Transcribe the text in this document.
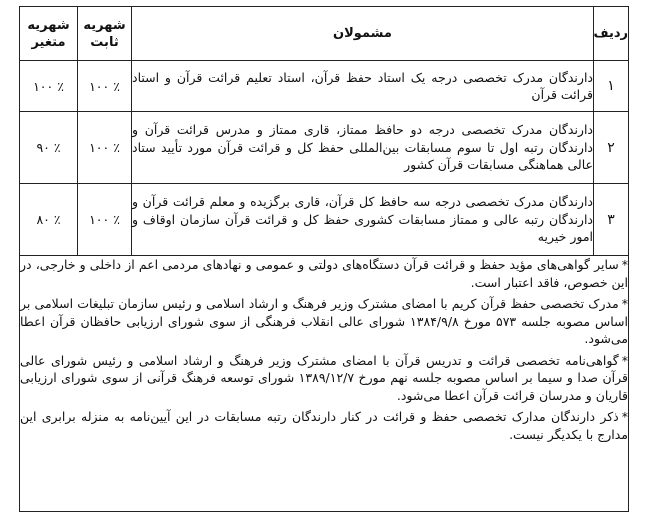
ردیف	مشمولان	شهریه ثابت	شهریه متغیر
۱	دارندگان مدرک تخصصی درجه یک استاد حفظ قرآن، استاد تعلیم قرائت قرآن و استاد قرائت قرآن	٪ ۱۰۰	٪ ۱۰۰
۲	دارندگان مدرک تخصصی درجه دو حافظ ممتاز، قاری ممتاز و مدرس قرائت قرآن و دارندگان رتبه اول تا سوم مسابقات بین‌المللی حفظ کل و قرائت قرآن مورد تأیید ستاد عالی هماهنگی مسابقات قرآن کشور	٪ ۱۰۰	٪ ۹۰
۳	دارندگان مدرک تخصصی درجه سه حافظ کل قرآن، قاری برگزیده و معلم قرائت قرآن و دارندگان رتبه عالی و ممتاز مسابقات کشوری حفظ کل و قرائت قرآن سازمان اوقاف و امور خیریه	٪ ۱۰۰	٪ ۸۰

*سایر گواهی‌های مؤید حفظ و قرائت قرآن دستگاه‌های دولتی و عمومی و نهادهای مردمی اعم از داخلی و خارجی، در این خصوص، فاقد اعتبار است.
*مدرک تخصصی حفظ قرآن کریم با امضای مشترک وزیر فرهنگ و ارشاد اسلامی و رئیس سازمان تبلیغات اسلامی بر اساس مصوبه جلسه ۵۷۳ مورخ ۱۳۸۴/۹/۸ شورای عالی انقلاب فرهنگی از سوی شورای ارزیابی حافظان قرآن اعطا می‌شود.
*گواهی‌نامه تخصصی قرائت و تدریس قرآن با امضای مشترک وزیر فرهنگ و ارشاد اسلامی و رئیس شورای عالی قرآن صدا و سیما بر اساس مصوبه جلسه نهم مورخ ۱۳۸۹/۱۲/۷ شورای توسعه فرهنگ قرآنی از سوی شورای ارزیابی قاریان و مدرسان قرائت قرآن اعطا می‌شود.
*ذکر دارندگان مدارک تخصصی حفظ و قرائت در کنار دارندگان رتبه مسابقات در این آیین‌نامه به منزله برابری این مدارج با یکدیگر نیست.			
